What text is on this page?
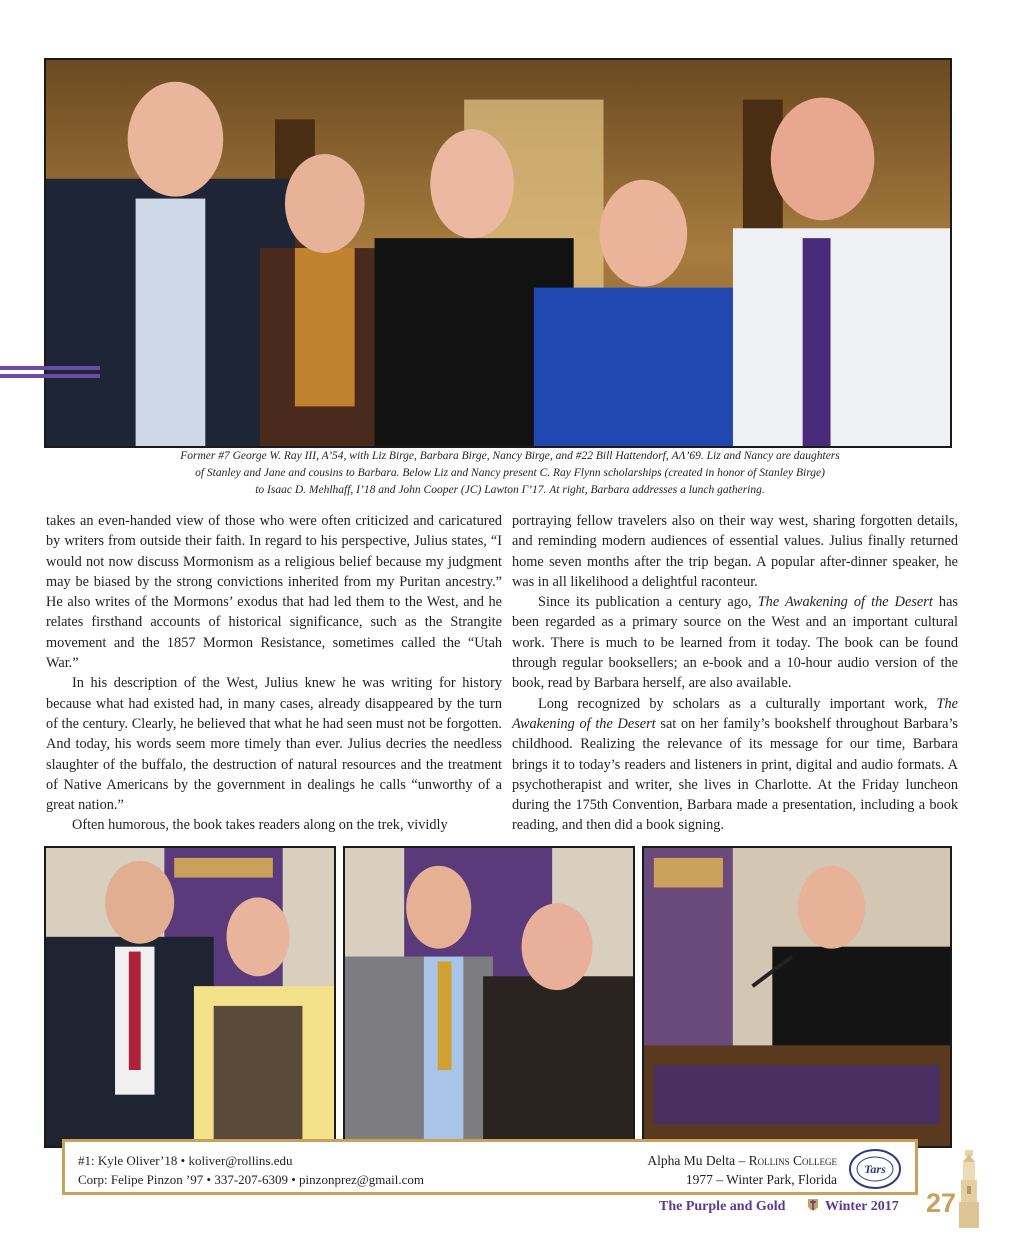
Former #7 George W. Ray III, A’54, with Liz Birge, Barbara Birge, Nancy Birge, and #22 Bill Hattendorf, ΑΛ’69. Liz and Nancy are daughters
of Stanley and Jane and cousins to Barbara. Below Liz and Nancy present C. Ray Flynn scholarships (created in honor of Stanley Birge)
to Isaac D. Mehlhaff, I’18 and John Cooper (JC) Lawton Γ’17. At right, Barbara addresses a lunch gathering.

takes an even-handed view of those who were often criticized and caricatured by writers from outside their faith. In regard to his perspective, Julius states, “I would not now discuss Mormonism as a religious belief because my judgment may be biased by the strong convictions inherited from my Puritan ancestry.” He also writes of the Mormons’ exodus that had led them to the West, and he relates firsthand accounts of historical significance, such as the Strangite movement and the 1857 Mormon Resistance, sometimes called the “Utah War.”

In his description of the West, Julius knew he was writing for history because what had existed had, in many cases, already disappeared by the turn of the century. Clearly, he believed that what he had seen must not be forgotten. And today, his words seem more timely than ever. Julius decries the needless slaughter of the buffalo, the destruction of natural resources and the treatment of Native Americans by the government in dealings he calls “unworthy of a great nation.”

Often humorous, the book takes readers along on the trek, vividly

portraying fellow travelers also on their way west, sharing forgotten details, and reminding modern audiences of essential values. Julius finally returned home seven months after the trip began. A popular after-dinner speaker, he was in all likelihood a delightful raconteur.

Since its publication a century ago, The Awakening of the Desert has been regarded as a primary source on the West and an important cultural work. There is much to be learned from it today. The book can be found through regular booksellers; an e-book and a 10-hour audio version of the book, read by Barbara herself, are also available.

Long recognized by scholars as a culturally important work, The Awakening of the Desert sat on her family’s bookshelf throughout Barbara’s childhood. Realizing the relevance of its message for our time, Barbara brings it to today’s readers and listeners in print, digital and audio formats. A psychotherapist and writer, she lives in Charlotte. At the Friday luncheon during the 175th Convention, Barbara made a presentation, including a book reading, and then did a book signing.

#1: Kyle Oliver’18 • koliver@rollins.edu
Corp: Felipe Pinzon ’97 • 337-207-6309 • pinzonprez@gmail.com
Alpha Mu Delta – Rollins College
1977 – Winter Park, Florida
Tars
The Purple and Gold	Winter 2017 27
